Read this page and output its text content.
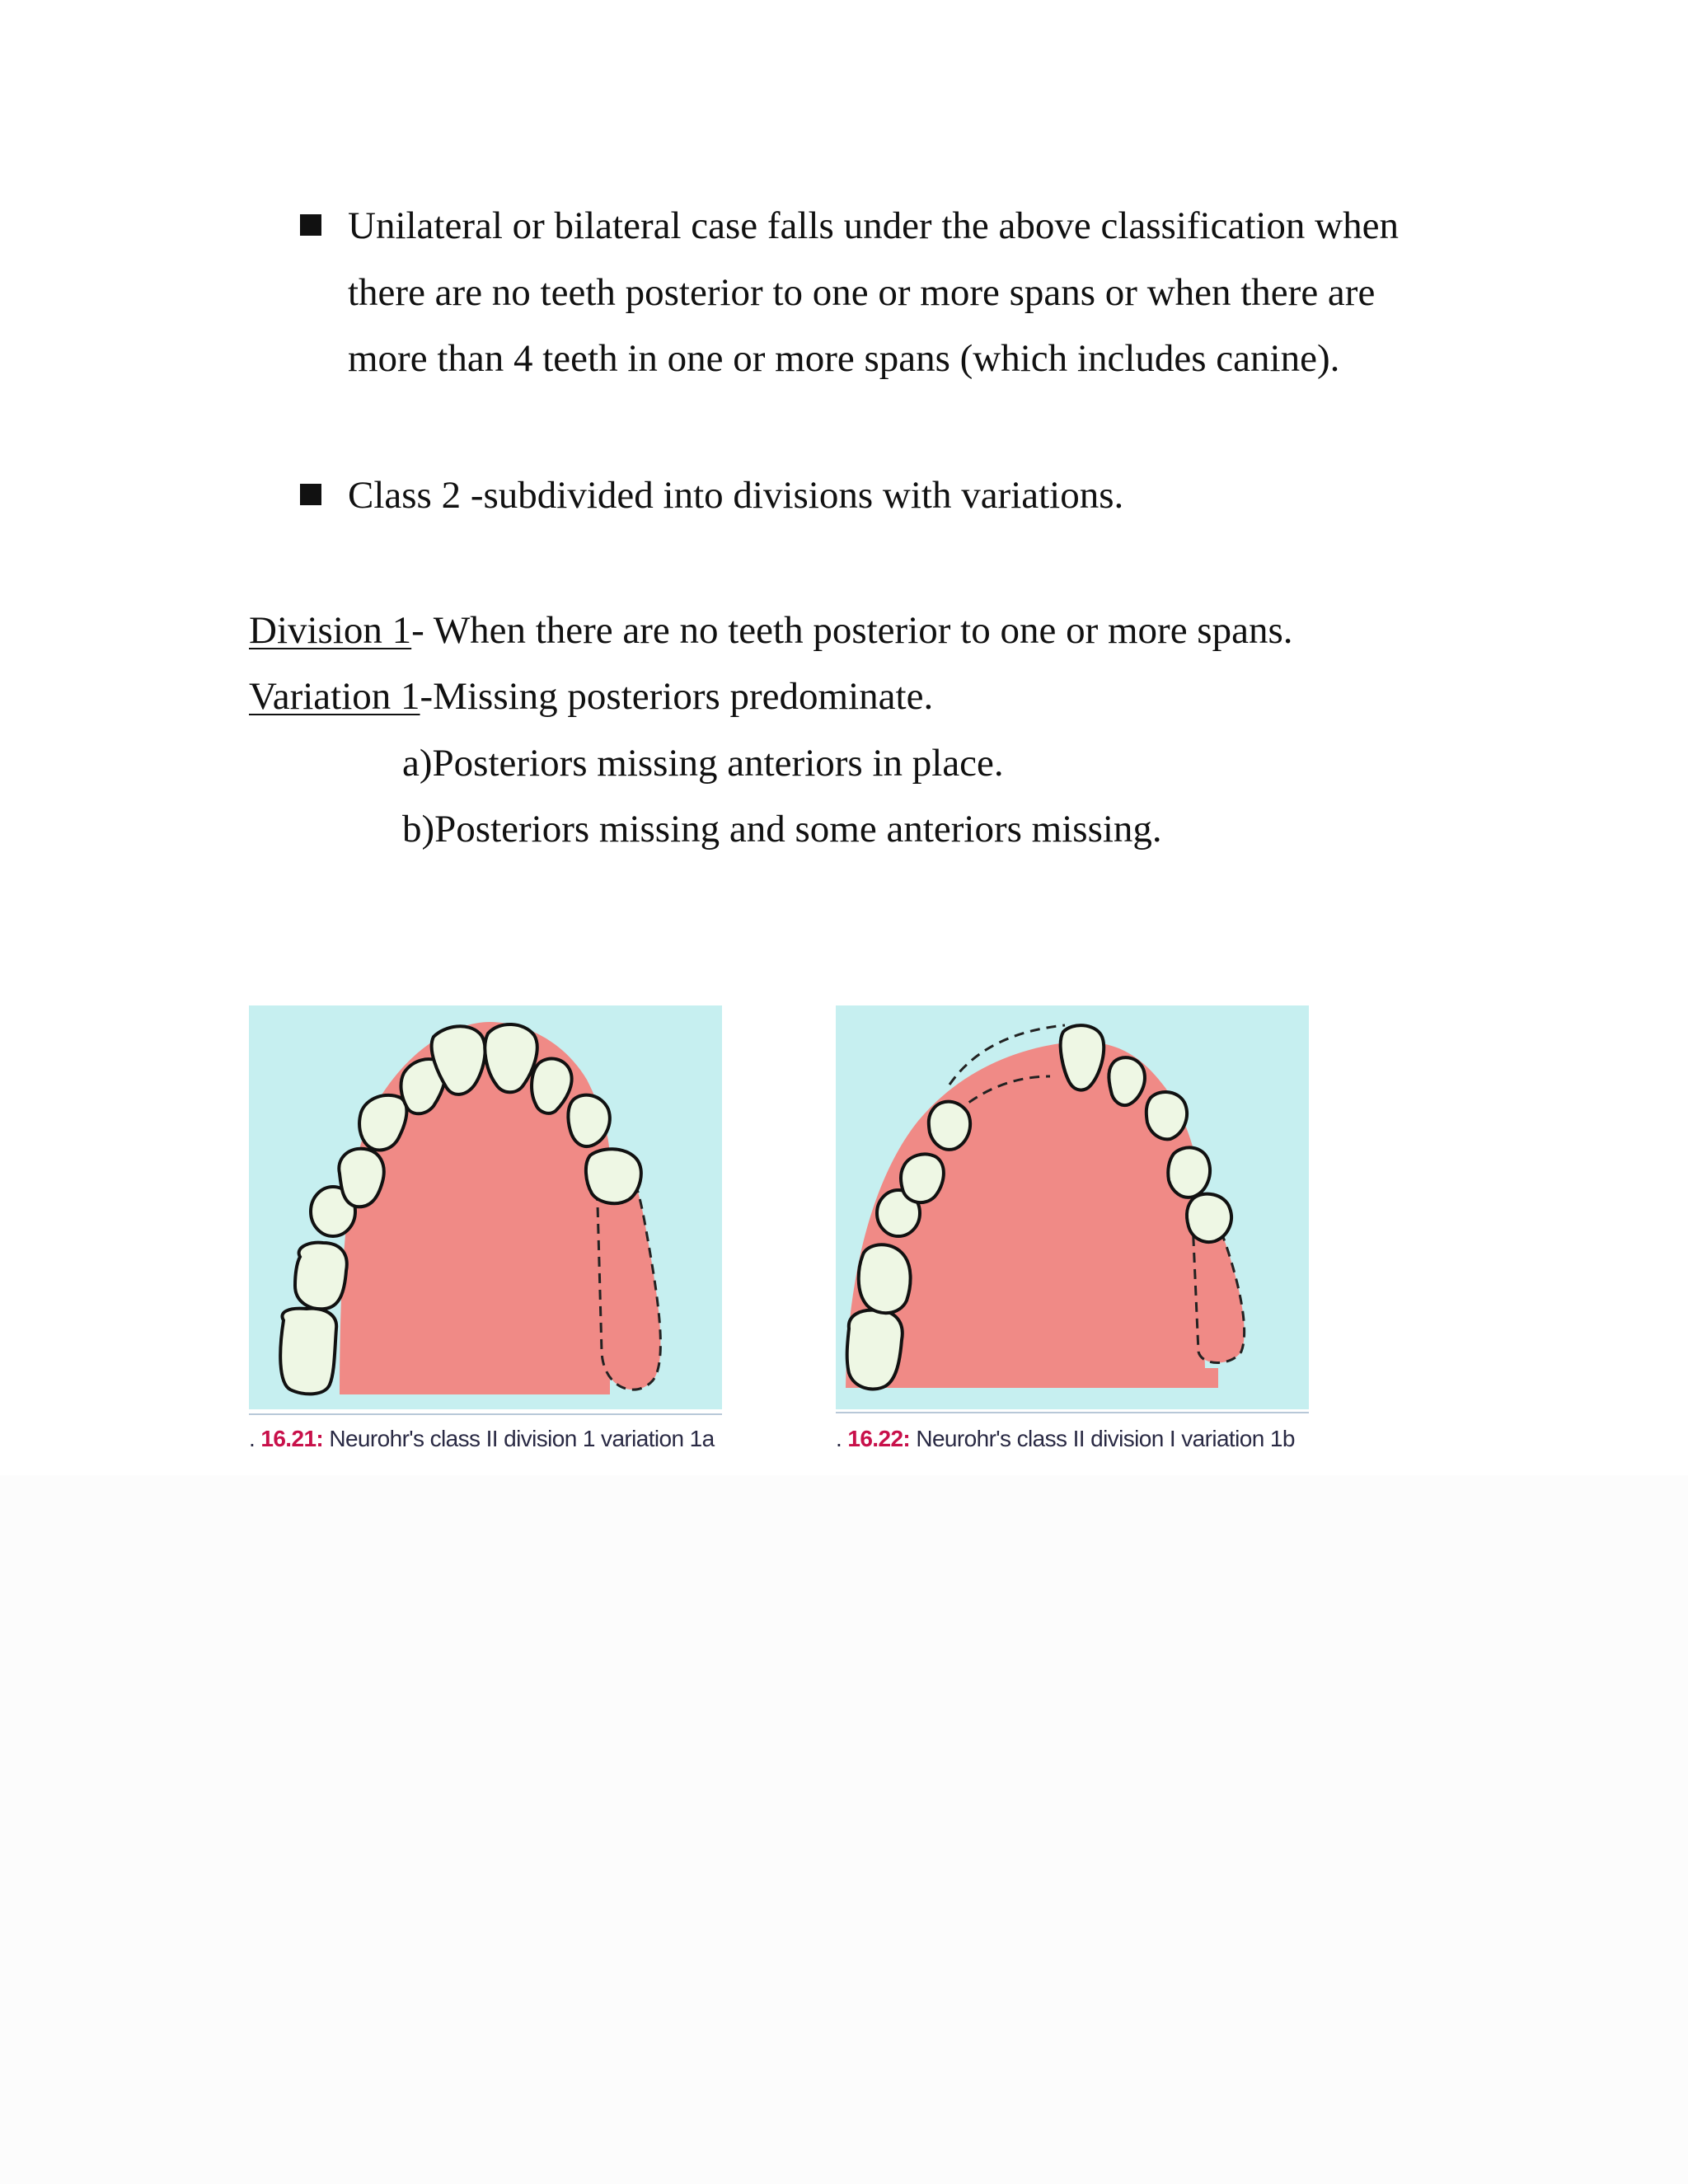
Unilateral or bilateral case falls under the above classification when

there are no teeth posterior to one or more spans or when there are

more than 4 teeth in one or more spans (which includes canine).

Class 2 -subdivided into divisions with variations.

Division 1- When there are no teeth posterior to one or more spans.

Variation 1-Missing posteriors predominate.

a)Posteriors missing anteriors in place.

b)Posteriors missing and some anteriors missing.

. 16.21: Neurohr's class II division 1 variation 1a	. 16.22: Neurohr's class II division I variation 1b
